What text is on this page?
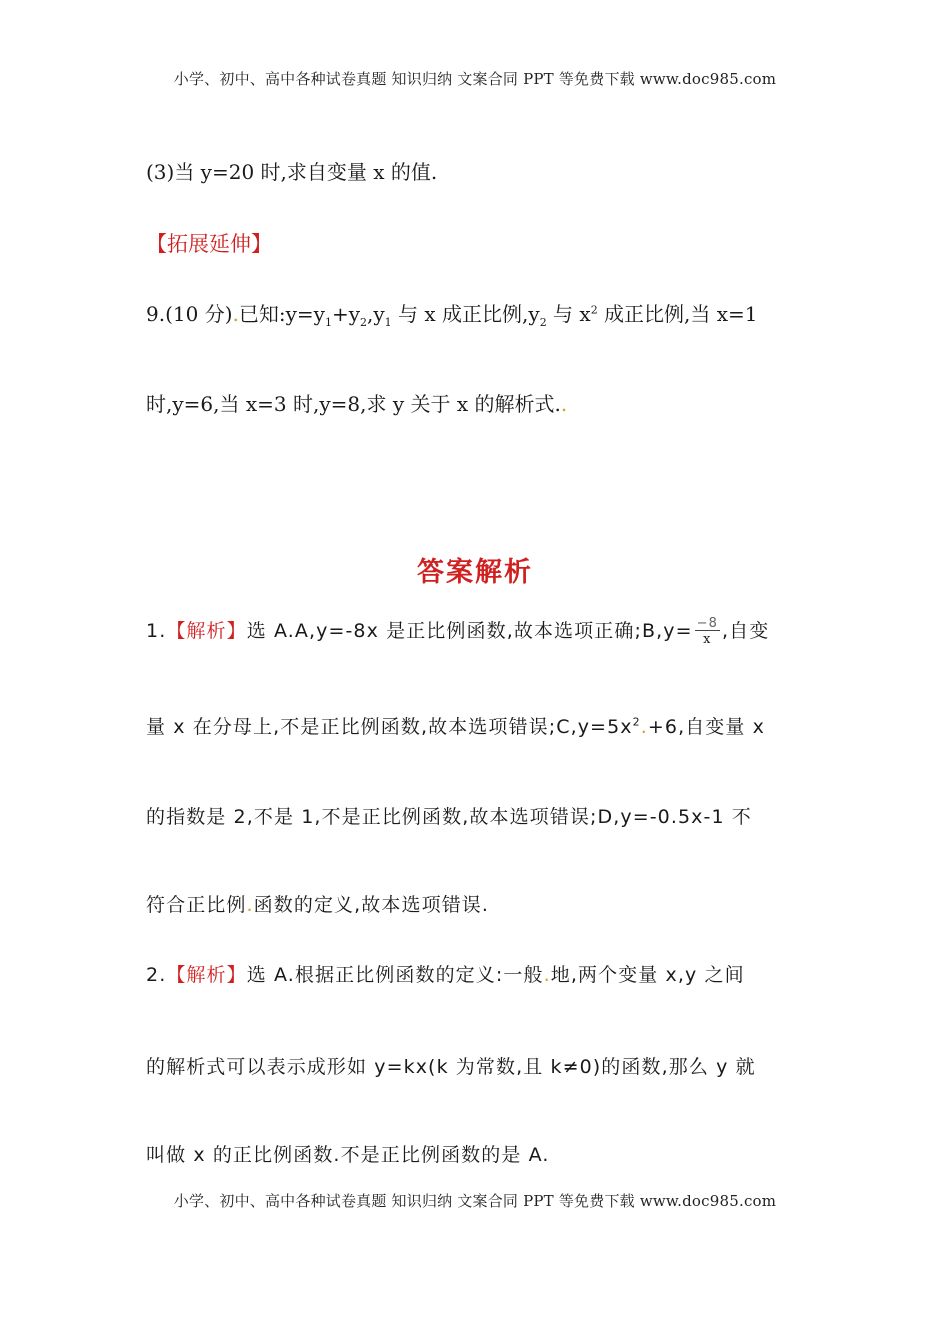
小学、初中、高中各种试卷真题 知识归纳 文案合同 PPT 等免费下载 www.doc985.com
(3)当 y=20 时,求自变量 x 的值.
【拓展延伸】
9.(10 分).已知$:y=y_1+y_2,y_1$ 与 x 成正比例$,y_2$ 与 $x^2$ 成正比例,当 x=1
时,y=6,当 x=3 时,y=8,求 y 关于 x 的解析式..
答案解析
1.【解析】选 A.A,y=-8x 是正比例函数,故本选项正确;B,y= $\frac{-8}{x}$ ,自变
量 x 在分母上,不是正比例函数,故本选项错误$;C,y=5x^2.+6$,自变量 x
的指数是 2,不是 1,不是正比例函数,故本选项错误;D,y=-0.5x-1 不
符合正比例.函数的定义,故本选项错误.
2.【解析】选 A.根据正比例函数的定义:一般.地,两个变量 x,y 之间
的解析式可以表示成形如 y=kx(k 为常数,且 k≠0)的函数,那么 y 就
叫做 x 的正比例函数.不是正比例函数的是 A.
小学、初中、高中各种试卷真题 知识归纳 文案合同 PPT 等免费下载 www.doc985.com
